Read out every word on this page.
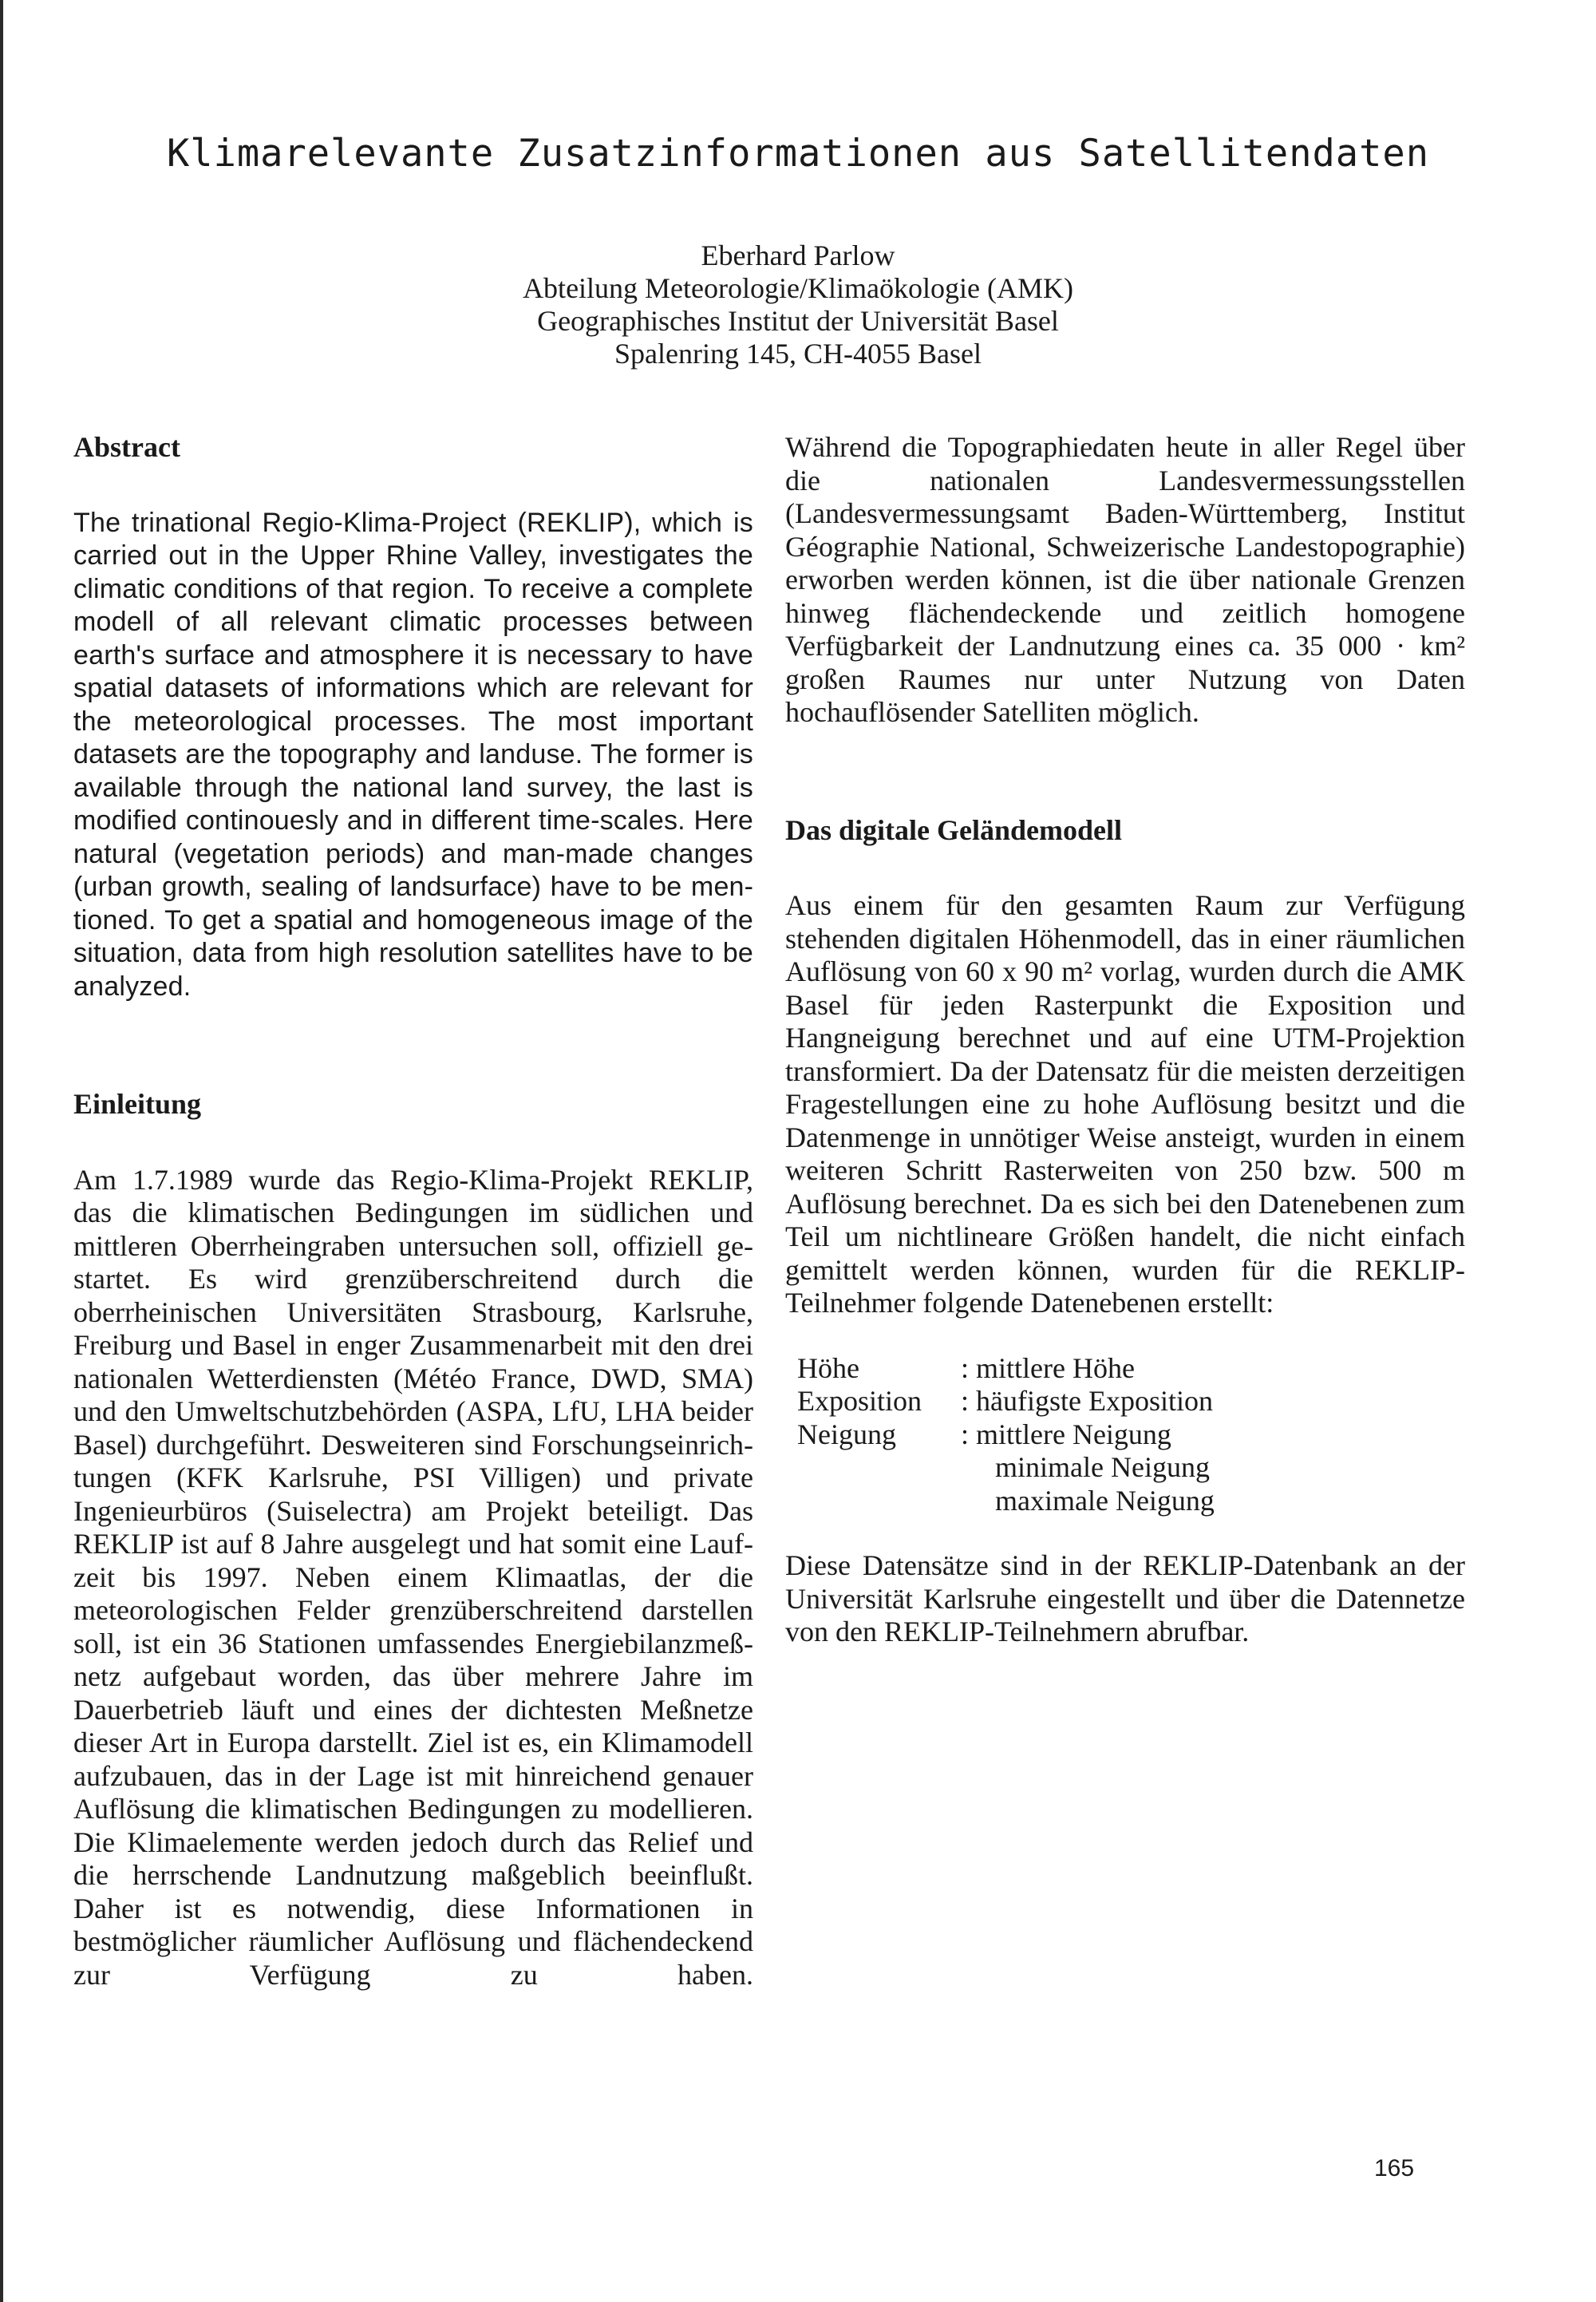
Klimarelevante Zusatzinformationen aus Satellitendaten
Eberhard Parlow
Abteilung Meteorologie/Klimaökologie (AMK)
Geographisches Institut der Universität Basel
Spalenring 145, CH-4055 Basel
Abstract

The trinational Regio-Klima-Project (REKLIP), which is carried out in the Upper Rhine Valley, investigates the climatic conditions of that region. To receive a complete modell of all relevant climatic processes between earth's surface and atmosphere it is necessary to have spatial datasets of informations which are relevant for the meteorological processes. The most important datasets are the topography and landuse. The former is available through the national land survey, the last is modified continouesly and in different time-scales. Here natural (vegetation periods) and man-made changes (urban growth, sealing of landsurface) have to be mentioned. To get a spatial and homogeneous image of the situation, data from high resolution satellites have to be analyzed.

Einleitung

Am 1.7.1989 wurde das Regio-Klima-Projekt REKLIP, das die klimatischen Bedingungen im südlichen und mittleren Oberrheingraben untersuchen soll, offiziell gestartet. Es wird grenzüberschreitend durch die oberrheinischen Universitäten Strasbourg, Karlsruhe, Freiburg und Basel in enger Zusammenarbeit mit den drei nationalen Wetterdiensten (Météo France, DWD, SMA) und den Umweltschutzbehörden (ASPA, LfU, LHA beider Basel) durchgeführt. Desweiteren sind Forschungseinrichtungen (KFK Karlsruhe, PSI Villigen) und private Ingenieurbüros (Suiselectra) am Projekt beteiligt. Das REKLIP ist auf 8 Jahre ausgelegt und hat somit eine Laufzeit bis 1997. Neben einem Klimaatlas, der die meteorologischen Felder grenzüberschreitend darstellen soll, ist ein 36 Stationen umfassendes Energiebilanzmeßnetz aufgebaut worden, das über mehrere Jahre im Dauerbetrieb läuft und eines der dichtesten Meßnetze dieser Art in Europa darstellt. Ziel ist es, ein Klimamodell aufzubauen, das in der Lage ist mit hinreichend genauer Auflösung die klimatischen Bedingungen zu modellieren. Die Klimaelemente werden jedoch durch das Relief und die herrschende Landnutzung maßgeblich beeinflußt. Daher ist es notwendig, diese Informationen in bestmöglicher räumlicher Auflösung und flächendeckend zur Verfügung zu haben.

Während die Topographiedaten heute in aller Regel über die nationalen Landesvermessungsstellen (Landesvermessungsamt Baden-Württemberg, Institut Géographie National, Schweizerische Landestopographie) erworben werden können, ist die über nationale Grenzen hinweg flächendeckende und zeitlich homogene Verfügbarkeit der Landnutzung eines ca. 35 000 · km² großen Raumes nur unter Nutzung von Daten hochauflösender Satelliten möglich.

Das digitale Geländemodell

Aus einem für den gesamten Raum zur Verfügung stehenden digitalen Höhenmodell, das in einer räumlichen Auflösung von 60 x 90 m² vorlag, wurden durch die AMK Basel für jeden Rasterpunkt die Exposition und Hangneigung berechnet und auf eine UTM-Projektion transformiert. Da der Datensatz für die meisten derzeitigen Fragestellungen eine zu hohe Auflösung besitzt und die Datenmenge in unnötiger Weise ansteigt, wurden in einem weiteren Schritt Rasterweiten von 250 bzw. 500 m Auflösung berechnet. Da es sich bei den Datenebenen zum Teil um nichtlineare Größen handelt, die nicht einfach gemittelt werden können, wurden für die REKLIP-Teilnehmer folgende Datenebenen erstellt:

Höhe	: mittlere Höhe
Exposition	: häufigste Exposition
Neigung	: mittlere Neigung
minimale Neigung
maximale Neigung

Diese Datensätze sind in der REKLIP-Datenbank an der Universität Karlsruhe eingestellt und über die Datennetze von den REKLIP-Teilnehmern abrufbar.

165
